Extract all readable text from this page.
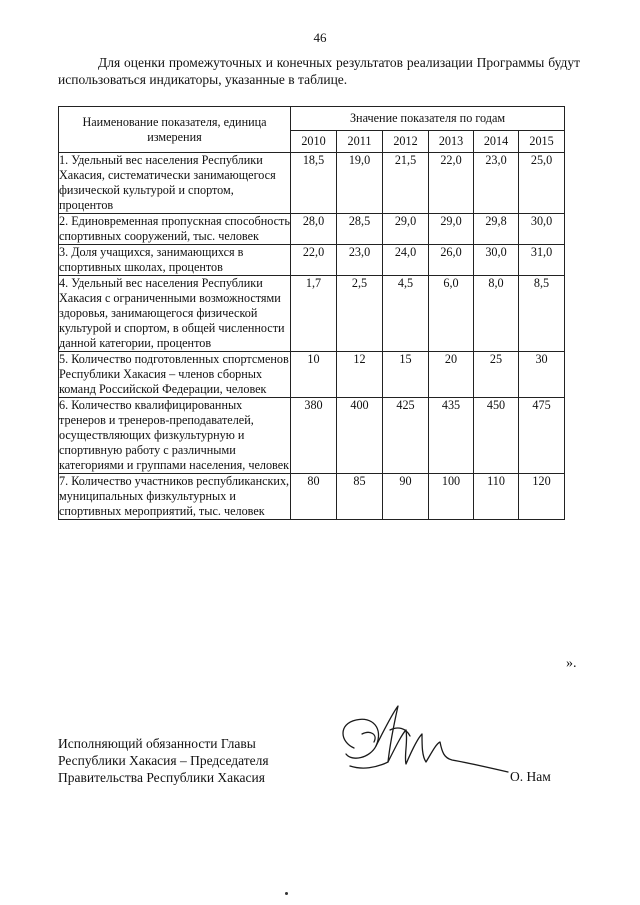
46
Для оценки промежуточных и конечных результатов реализации Программы будут использоваться индикаторы, указанные в таблице.
Наименование показателя, единица измерения	Значение показателя по годам					
	2010	2011	2012	2013	2014	2015
1. Удельный вес населения Республики Хакасия, систематически занимающегося физической культурой и спортом, процентов	18,5	19,0	21,5	22,0	23,0	25,0
2. Единовременная пропускная способность спортивных сооружений, тыс. человек	28,0	28,5	29,0	29,0	29,8	30,0
3. Доля учащихся, занимающихся в спортивных школах, процентов	22,0	23,0	24,0	26,0	30,0	31,0
4. Удельный вес населения Республики Хакасия с ограниченными возможностями здоровья, занимающегося физической культурой и спортом, в общей численности данной категории, процентов	1,7	2,5	4,5	6,0	8,0	8,5
5. Количество подготовленных спортсменов Республики Хакасия – членов сборных команд Российской Федерации, человек	10	12	15	20	25	30
6. Количество квалифицированных тренеров и тренеров-преподавателей, осуществляющих физкультурную и спортивную работу с различными категориями и группами населения, человек	380	400	425	435	450	475
7. Количество участников республиканских, муниципальных физкультурных и спортивных мероприятий, тыс. человек	80	85	90	100	110	120
».
Исполняющий обязанности Главы
Республики Хакасия – Председателя
Правительства Республики Хакасия	О. Нам
